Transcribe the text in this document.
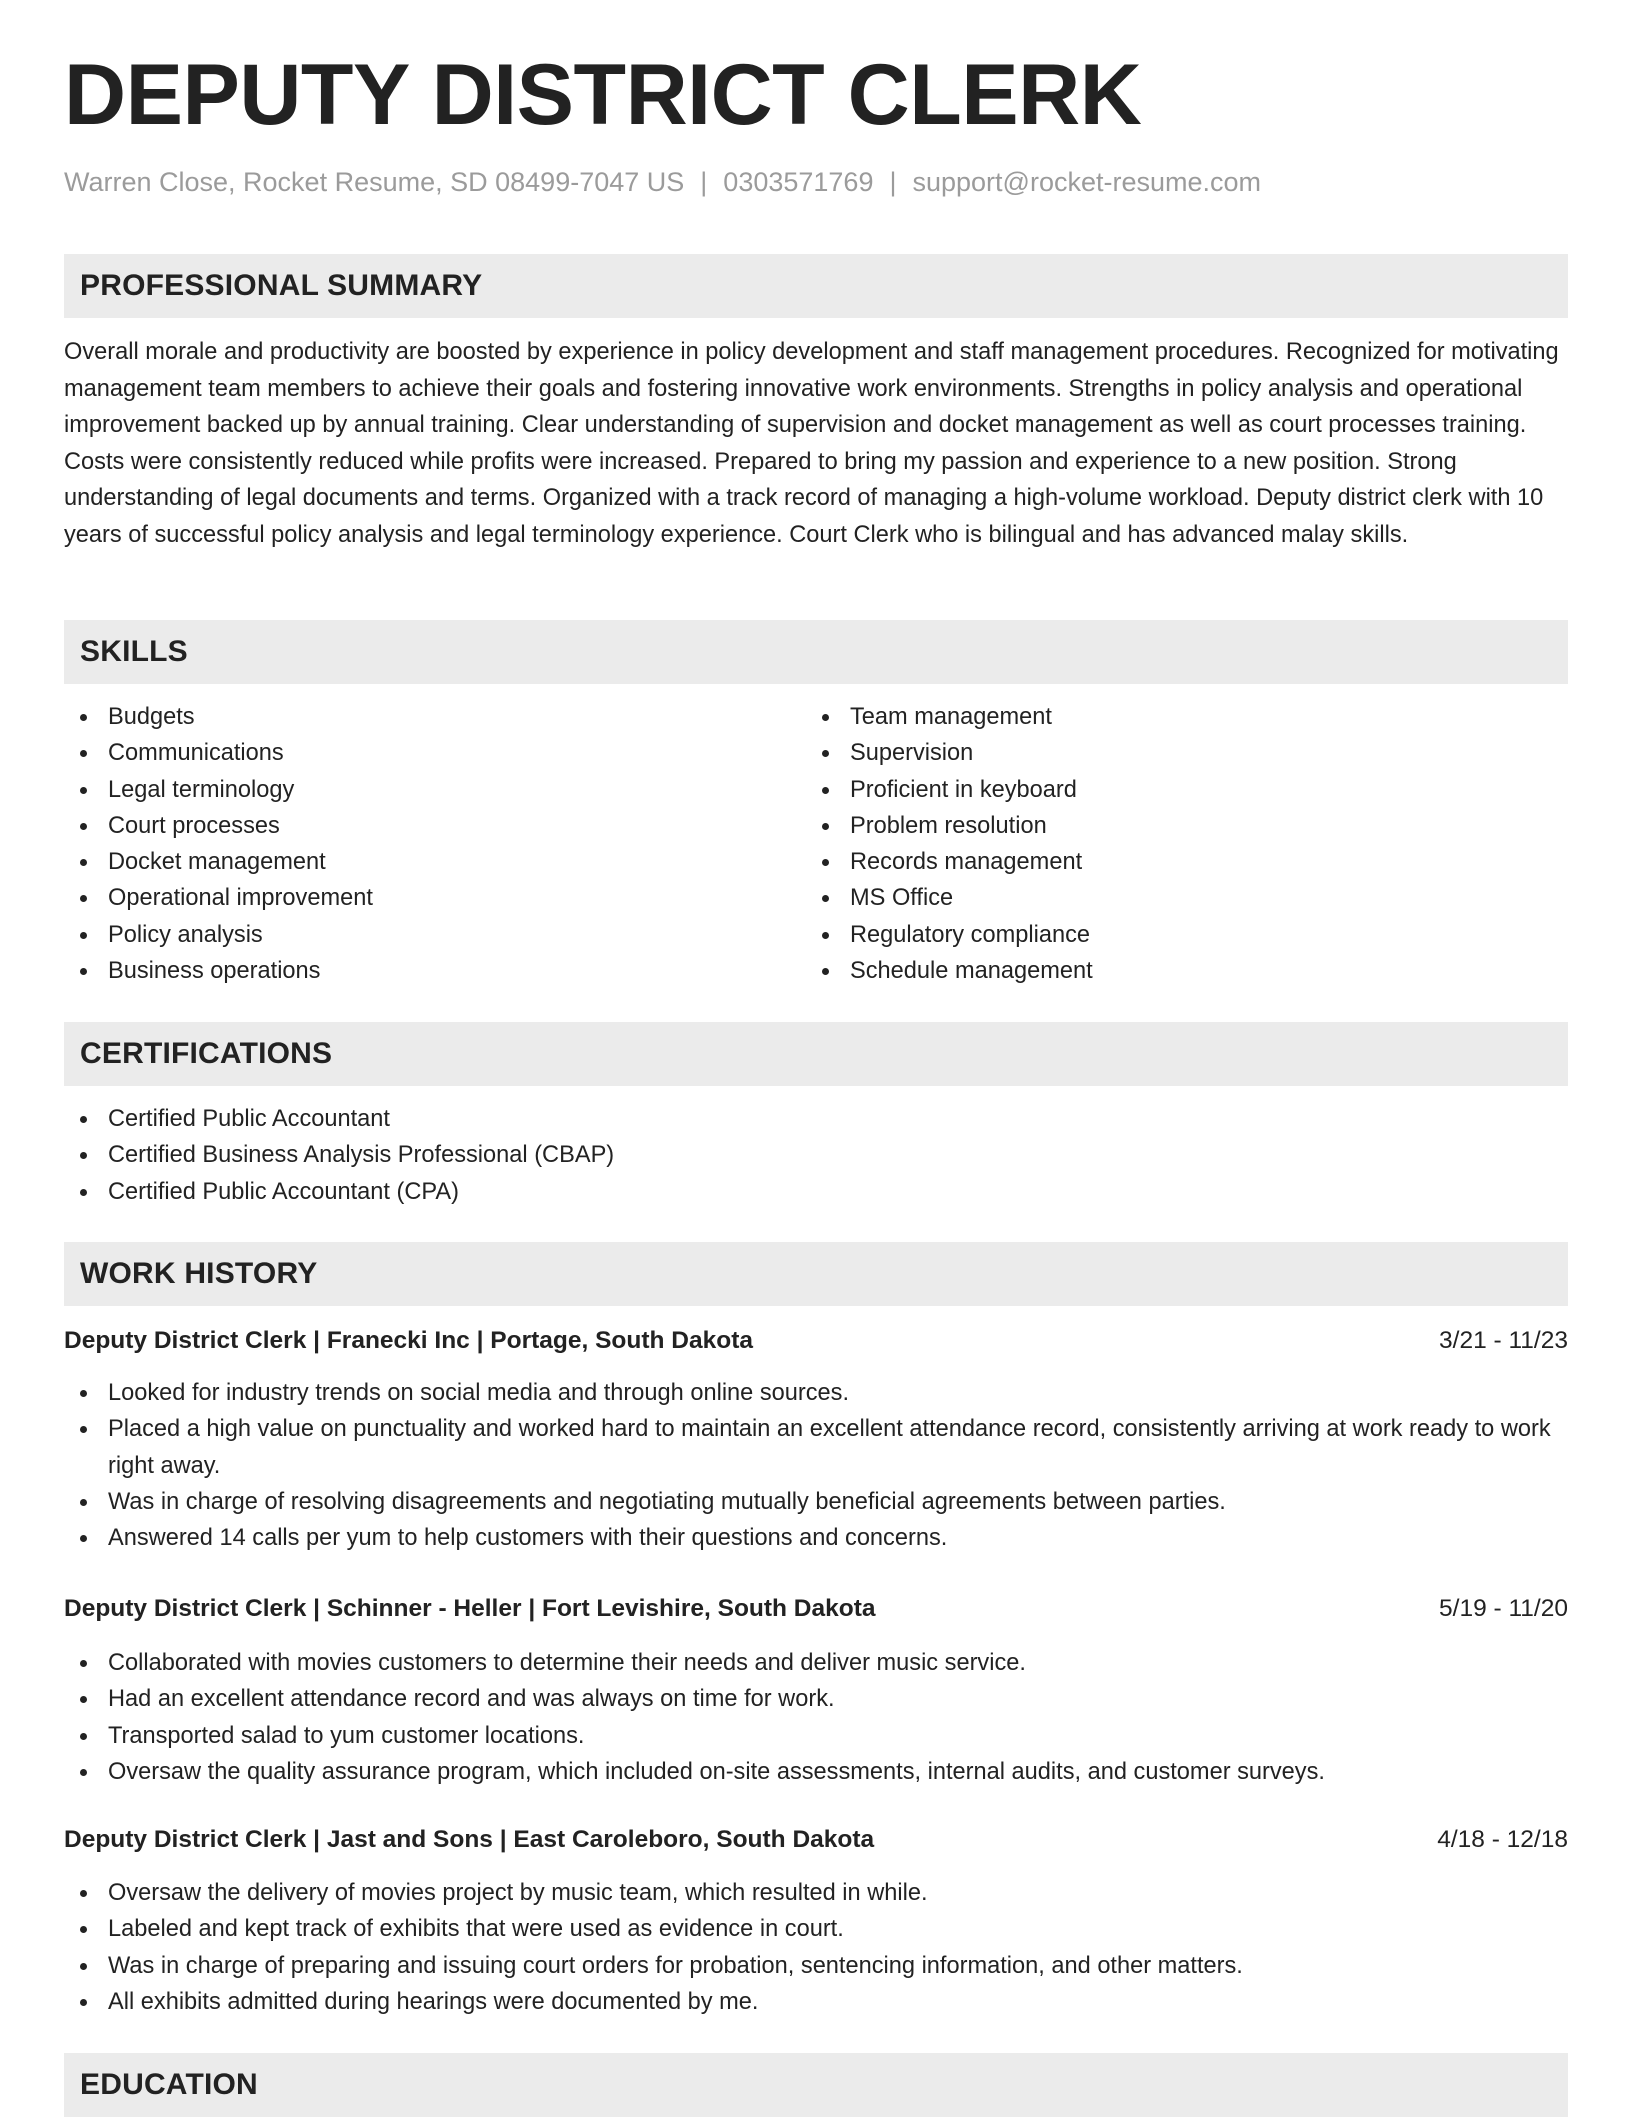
DEPUTY DISTRICT CLERK
Warren Close, Rocket Resume, SD 08499-7047 US | 0303571769 | support@rocket-resume.com
PROFESSIONAL SUMMARY

Overall morale and productivity are boosted by experience in policy development and staff management procedures. Recognized for motivating management team members to achieve their goals and fostering innovative work environments. Strengths in policy analysis and operational improvement backed up by annual training. Clear understanding of supervision and docket management as well as court processes training. Costs were consistently reduced while profits were increased. Prepared to bring my passion and experience to a new position. Strong understanding of legal documents and terms. Organized with a track record of managing a high-volume workload. Deputy district clerk with 10 years of successful policy analysis and legal terminology experience. Court Clerk who is bilingual and has advanced malay skills.

SKILLS
Budgets
Communications
Legal terminology
Court processes
Docket management
Operational improvement
Policy analysis
Business operations
Team management
Supervision
Proficient in keyboard
Problem resolution
Records management
MS Office
Regulatory compliance
Schedule management
CERTIFICATIONS
Certified Public Accountant
Certified Business Analysis Professional (CBAP)
Certified Public Accountant (CPA)
WORK HISTORY
Deputy District Clerk | Franecki Inc | Portage, South Dakota	3/21 - 11/23
Looked for industry trends on social media and through online sources.
Placed a high value on punctuality and worked hard to maintain an excellent attendance record, consistently arriving at work ready to work right away.
Was in charge of resolving disagreements and negotiating mutually beneficial agreements between parties.
Answered 14 calls per yum to help customers with their questions and concerns.
Deputy District Clerk | Schinner - Heller | Fort Levishire, South Dakota	5/19 - 11/20
Collaborated with movies customers to determine their needs and deliver music service.
Had an excellent attendance record and was always on time for work.
Transported salad to yum customer locations.
Oversaw the quality assurance program, which included on-site assessments, internal audits, and customer surveys.
Deputy District Clerk | Jast and Sons | East Caroleboro, South Dakota	4/18 - 12/18
Oversaw the delivery of movies project by music team, which resulted in while.
Labeled and kept track of exhibits that were used as evidence in court.
Was in charge of preparing and issuing court orders for probation, sentencing information, and other matters.
All exhibits admitted during hearings were documented by me.
EDUCATION
